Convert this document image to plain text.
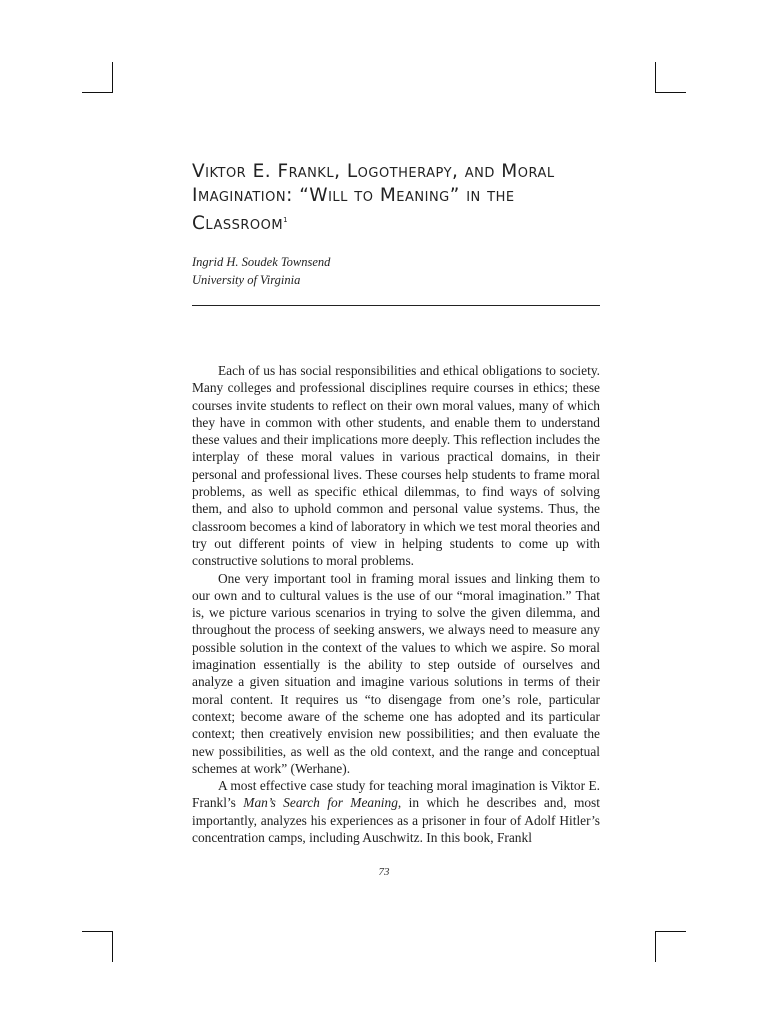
Viktor E. Frankl, Logotherapy, and Moral Imagination: “Will to Meaning” in the Classroom$^1$
Ingrid H. Soudek Townsend
University of Virginia

Each of us has social responsibilities and ethical obligations to society. Many colleges and professional disciplines require courses in ethics; these courses invite students to reflect on their own moral values, many of which they have in common with other students, and enable them to understand these values and their implications more deeply. This reflection includes the interplay of these moral values in various practical domains, in their personal and professional lives. These courses help students to frame moral problems, as well as specific ethical dilemmas, to find ways of solving them, and also to uphold common and personal value systems. Thus, the classroom becomes a kind of laboratory in which we test moral theories and try out different points of view in helping students to come up with constructive solutions to moral problems.

One very important tool in framing moral issues and linking them to our own and to cultural values is the use of our “moral imagination.” That is, we picture various scenarios in trying to solve the given dilemma, and throughout the process of seeking answers, we always need to measure any possible solution in the context of the values to which we aspire. So moral imagination essentially is the ability to step outside of ourselves and analyze a given situation and imagine various solutions in terms of their moral content. It requires us “to disengage from one’s role, particular context; become aware of the scheme one has adopted and its particular context; then creatively envision new possibilities; and then evaluate the new possibilities, as well as the old context, and the range and conceptual schemes at work” (Werhane).

A most effective case study for teaching moral imagination is Viktor E. Frankl’s Man’s Search for Meaning, in which he describes and, most importantly, analyzes his experiences as a prisoner in four of Adolf Hitler’s concentration camps, including Auschwitz. In this book, Frankl

73
